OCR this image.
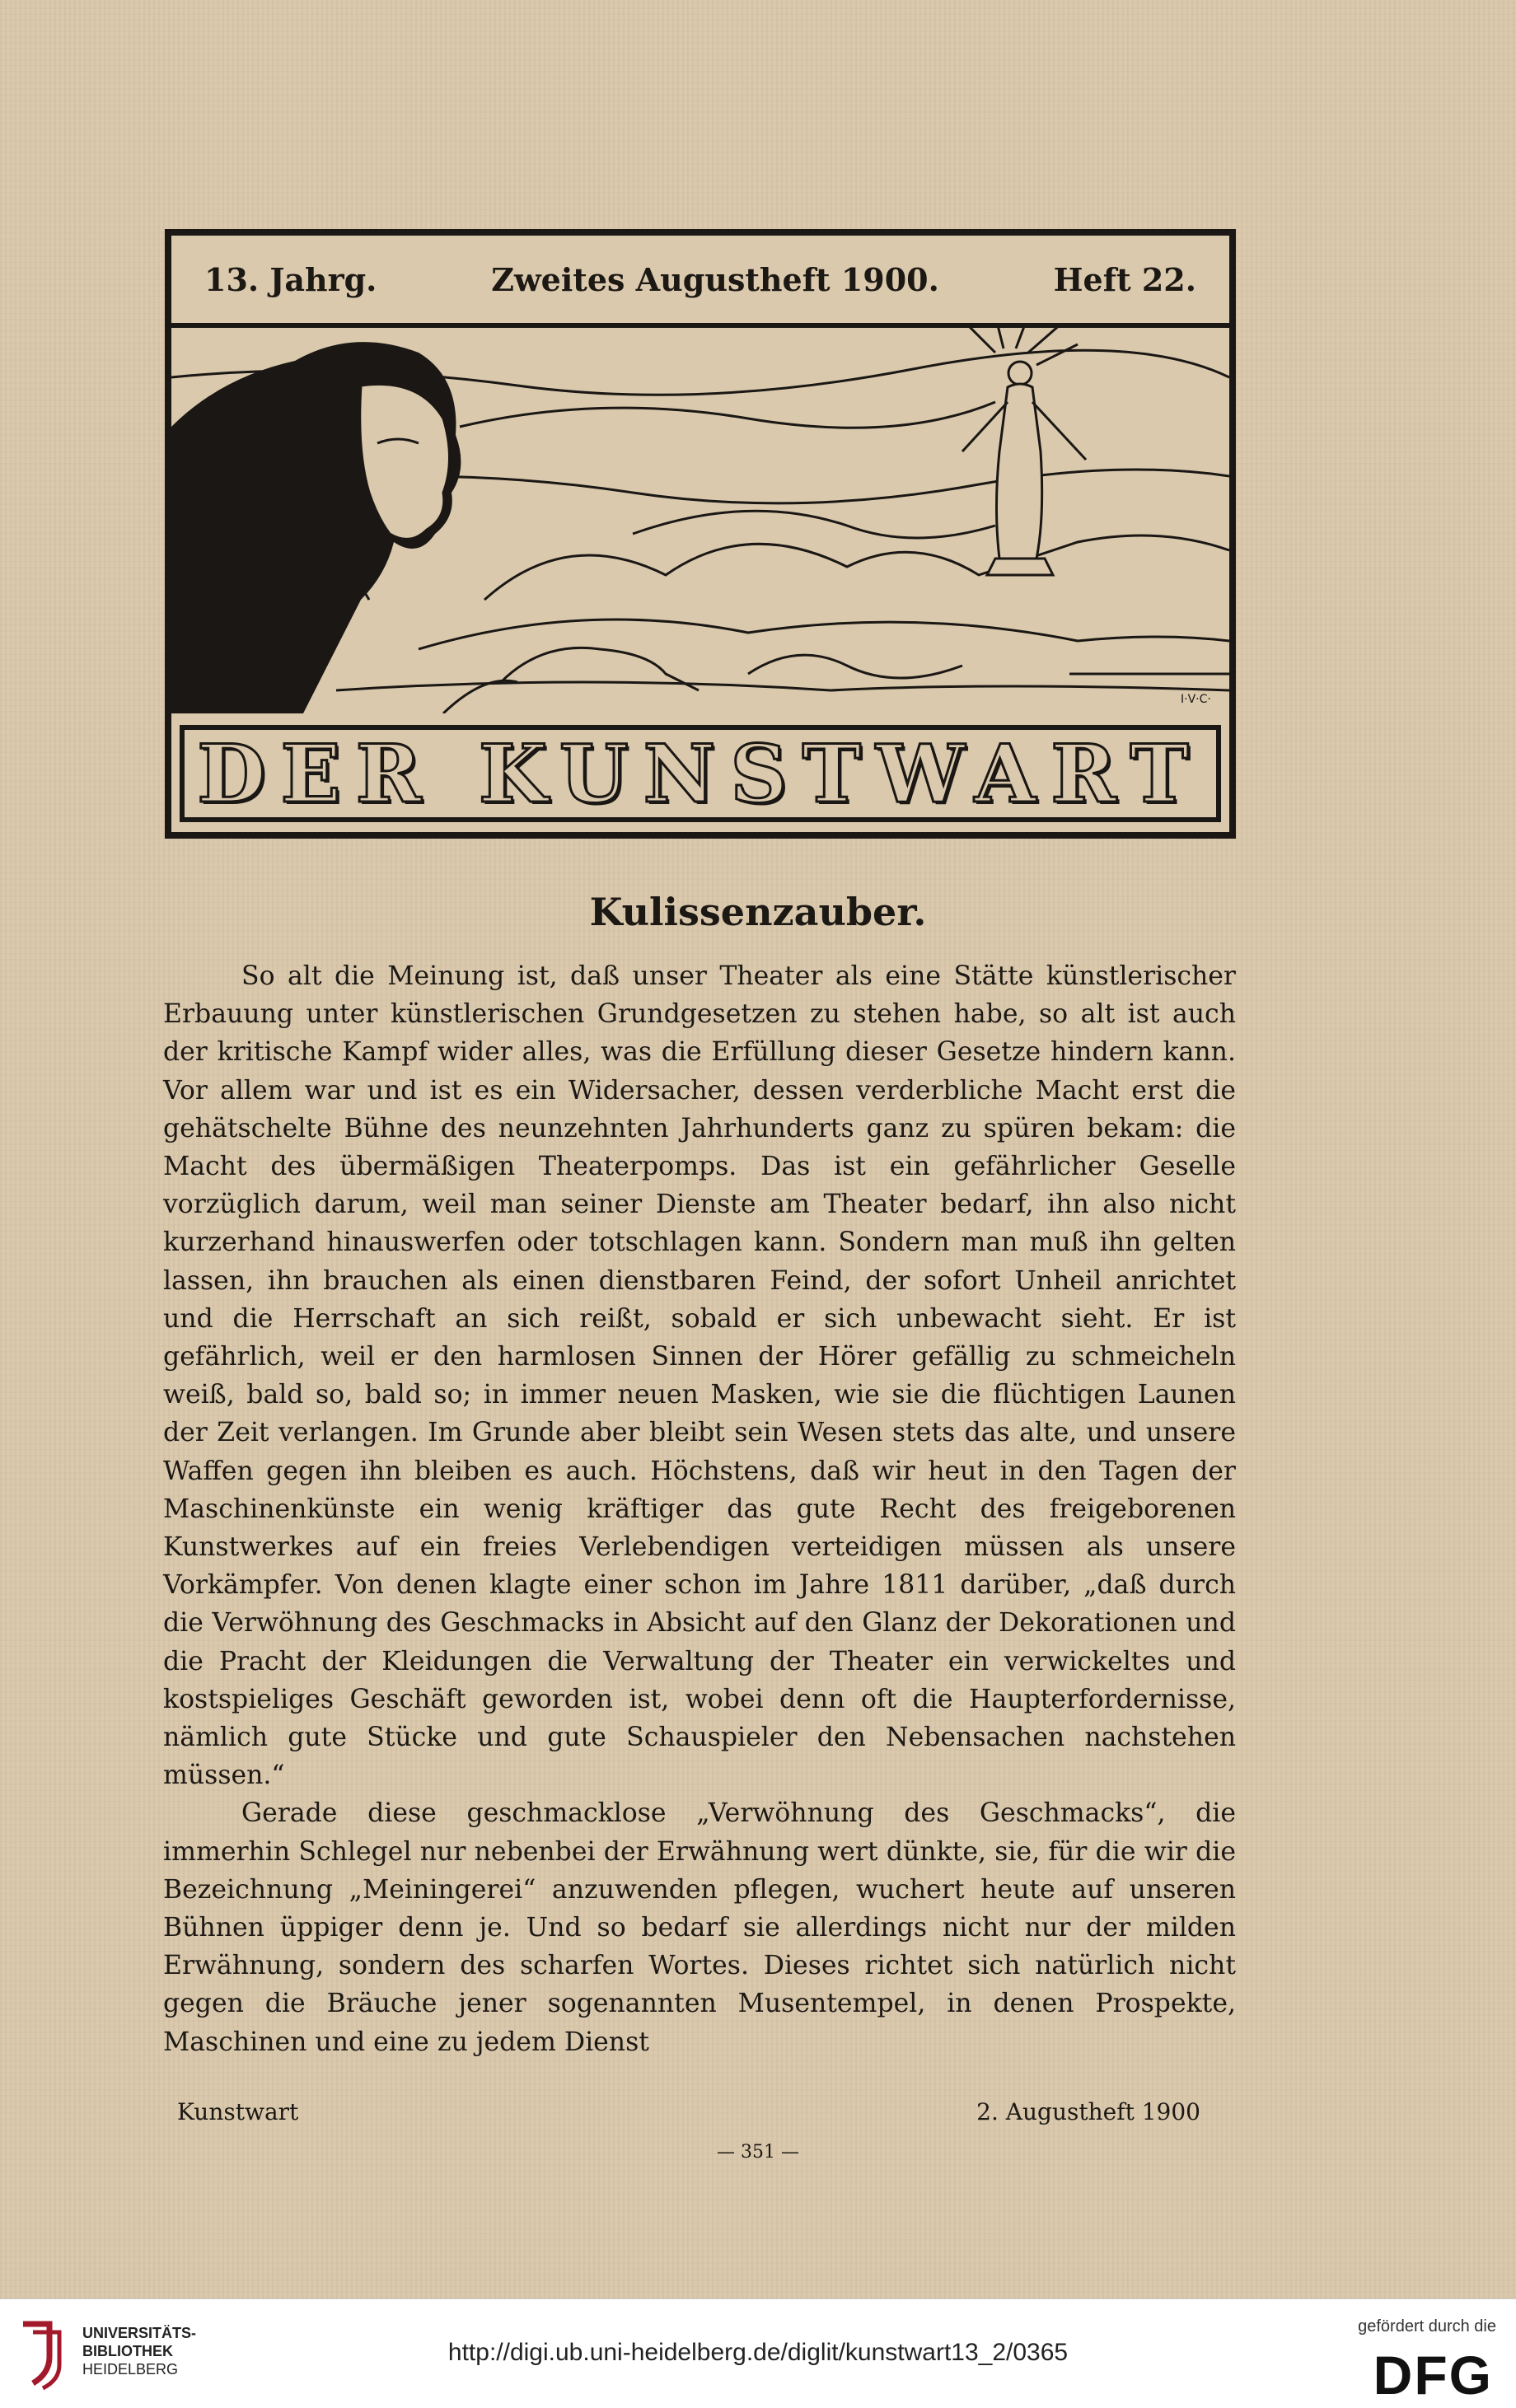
13. Jahrg.	Zweites Augustheft 1900.	Heft 22.
I·V·C·
DER KUNSTWART
Kulissenzauber.

So alt die Meinung ist, daß unser Theater als eine Stätte künstlerischer Erbauung unter künstlerischen Grundgesetzen zu stehen habe, so alt ist auch der kritische Kampf wider alles, was die Erfüllung dieser Gesetze hindern kann. Vor allem war und ist es ein Widersacher, dessen verderbliche Macht erst die gehätschelte Bühne des neunzehnten Jahrhunderts ganz zu spüren bekam: die Macht des übermäßigen Theaterpomps. Das ist ein gefährlicher Geselle vorzüglich darum, weil man seiner Dienste am Theater bedarf, ihn also nicht kurzerhand hinauswerfen oder totschlagen kann. Sondern man muß ihn gelten lassen, ihn brauchen als einen dienstbaren Feind, der sofort Unheil anrichtet und die Herrschaft an sich reißt, sobald er sich unbewacht sieht. Er ist gefährlich, weil er den harmlosen Sinnen der Hörer gefällig zu schmeicheln weiß, bald so, bald so; in immer neuen Masken, wie sie die flüchtigen Launen der Zeit verlangen. Im Grunde aber bleibt sein Wesen stets das alte, und unsere Waffen gegen ihn bleiben es auch. Höchstens, daß wir heut in den Tagen der Maschinenkünste ein wenig kräftiger das gute Recht des freigeborenen Kunstwerkes auf ein freies Verlebendigen verteidigen müssen als unsere Vorkämpfer. Von denen klagte einer schon im Jahre 1811 darüber, „daß durch die Verwöhnung des Geschmacks in Absicht auf den Glanz der Dekorationen und die Pracht der Kleidungen die Verwaltung der Theater ein verwickeltes und kostspieliges Geschäft geworden ist, wobei denn oft die Haupterfordernisse, nämlich gute Stücke und gute Schauspieler den Nebensachen nachstehen müssen.“

Gerade diese geschmacklose „Verwöhnung des Geschmacks“, die immerhin Schlegel nur nebenbei der Erwähnung wert dünkte, sie, für die wir die Bezeichnung „Meiningerei“ anzuwenden pflegen, wuchert heute auf unseren Bühnen üppiger denn je. Und so bedarf sie allerdings nicht nur der milden Erwähnung, sondern des scharfen Wortes. Dieses richtet sich natürlich nicht gegen die Bräuche jener sogenannten Musentempel, in denen Prospekte, Maschinen und eine zu jedem Dienst

Kunstwart	2. Augustheft 1900
— 351 —
UNIVERSITÄTS-
BIBLIOTHEK
HEIDELBERG
http://digi.ub.uni-heidelberg.de/diglit/kunstwart13_2/0365
gefördert durch die
DFG
